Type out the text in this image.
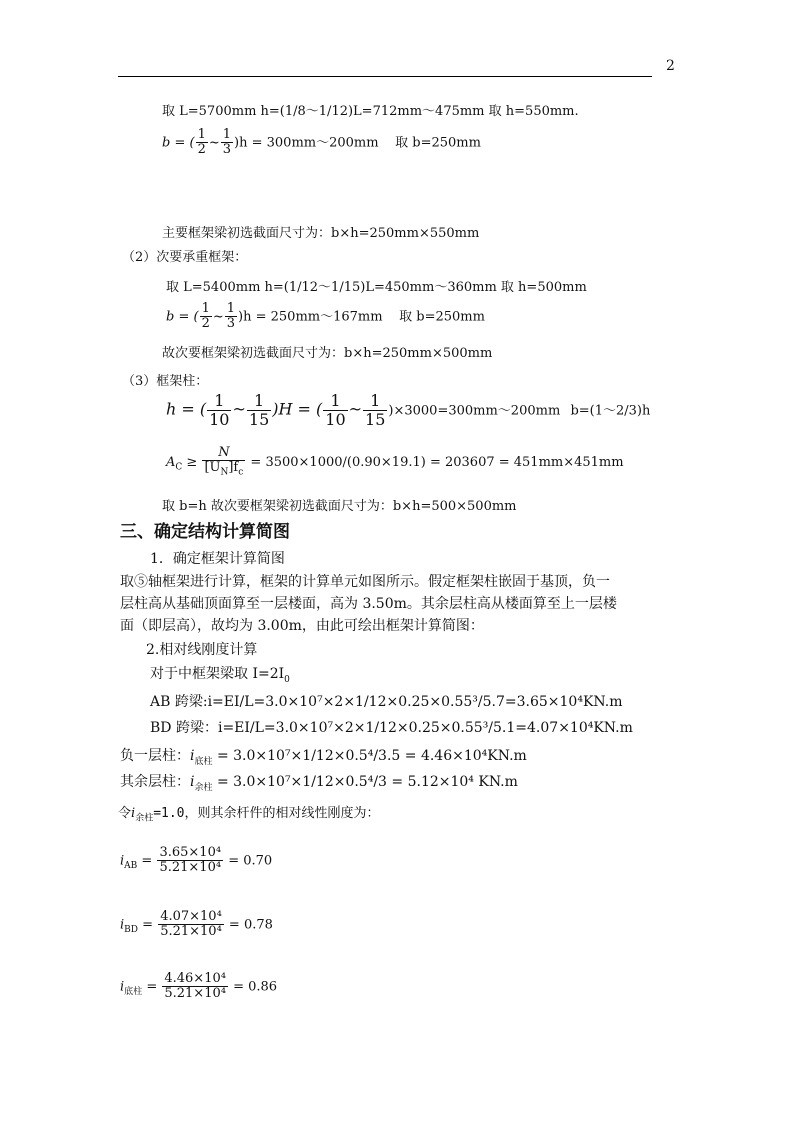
2
取 L=5700mm h=(1/8～1/12)L=712mm～475mm 取 h=550mm.
b = ( $\frac{1}{2}$ ~ $\frac{1}{3} )h$ = 300mm～200mm 取 b=250mm
主要框架梁初选截面尺寸为：b×h=250mm×550mm
（2）次要承重框架：
取 L=5400mm h=(1/12～1/15)L=450mm～360mm 取 h=500mm
b = ( $\frac{1}{2}$ ~ $\frac{1}{3} )h$ = 250mm～167mm 取 b=250mm
故次要框架梁初选截面尺寸为：b×h=250mm×500mm
（3）框架柱：
h = ( $\frac{1}{10}$ ~ $\frac{1}{15} )H$ = ( $\frac{1}{10}$ ~ $\frac{1}{15}$ )×3000=300mm～200mm b=(1～2/3)h
$A_C \ge \frac{N}{[U_N]f_c} = 3500\times 1000/(0.90\times 19.1) = 203607 = 451mm\times 451mm$
取 b=h 故次要框架梁初选截面尺寸为：b×h=500×500mm
三、确定结构计算简图
1．确定框架计算简图
取⑤轴框架进行计算，框架的计算单元如图所示。假定框架柱嵌固于基顶，负一
层柱高从基础顶面算至一层楼面，高为 3.50m。其余层柱高从楼面算至上一层楼
面（即层高），故均为 3.00m，由此可绘出框架计算简图：
2.相对线刚度计算
对于中框架梁取 $I=2I_0$
AB 跨梁:i=EI/L=3.0×10⁷×2×1/12×0.25×0.55³/5.7=3.65×10⁴KN.m
BD 跨梁：i=EI/L=3.0×10⁷×2×1/12×0.25×0.55³/5.1=4.07×10⁴KN.m
负一层柱：$i_{底柱} = 3.0\times 10^7\times 1/12\times 0.5^4/3.5 = 4.46\times 10^4KN.m$
其余层柱：$i_{余柱} = 3.0\times 10^7\times 1/12\times 0.5^4/3 = 5.12\times 10^4$ KN.m
令$i_{余柱}=1.0$，则其余杆件的相对线性刚度为：
$i_{AB} = \frac{\text{3.65×10⁴}}{\text{5.21×10⁴}} = 0.70$
$i_{BD} = \frac{\text{4.07×10⁴}}{\text{5.21×10⁴}} = 0.78$
$i_{底柱} = \frac{\text{4.46×10⁴}}{\text{5.21×10⁴}} = 0.86$
